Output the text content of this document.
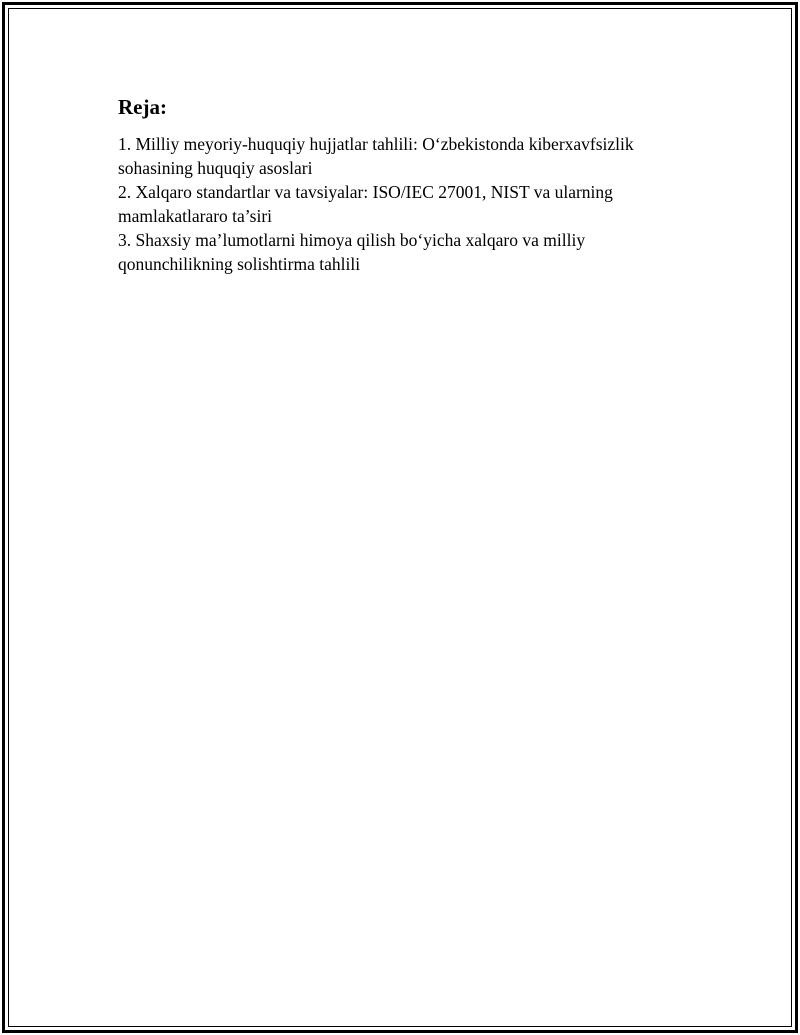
Reja:
1. Milliy meyoriy-huquqiy hujjatlar tahlili: O‘zbekistonda kiberxavfsizlik sohasining huquqiy asoslari
2. Xalqaro standartlar va tavsiyalar: ISO/IEC 27001, NIST va ularning mamlakatlararo ta’siri
3. Shaxsiy ma’lumotlarni himoya qilish bo‘yicha xalqaro va milliy qonunchilikning solishtirma tahlili
